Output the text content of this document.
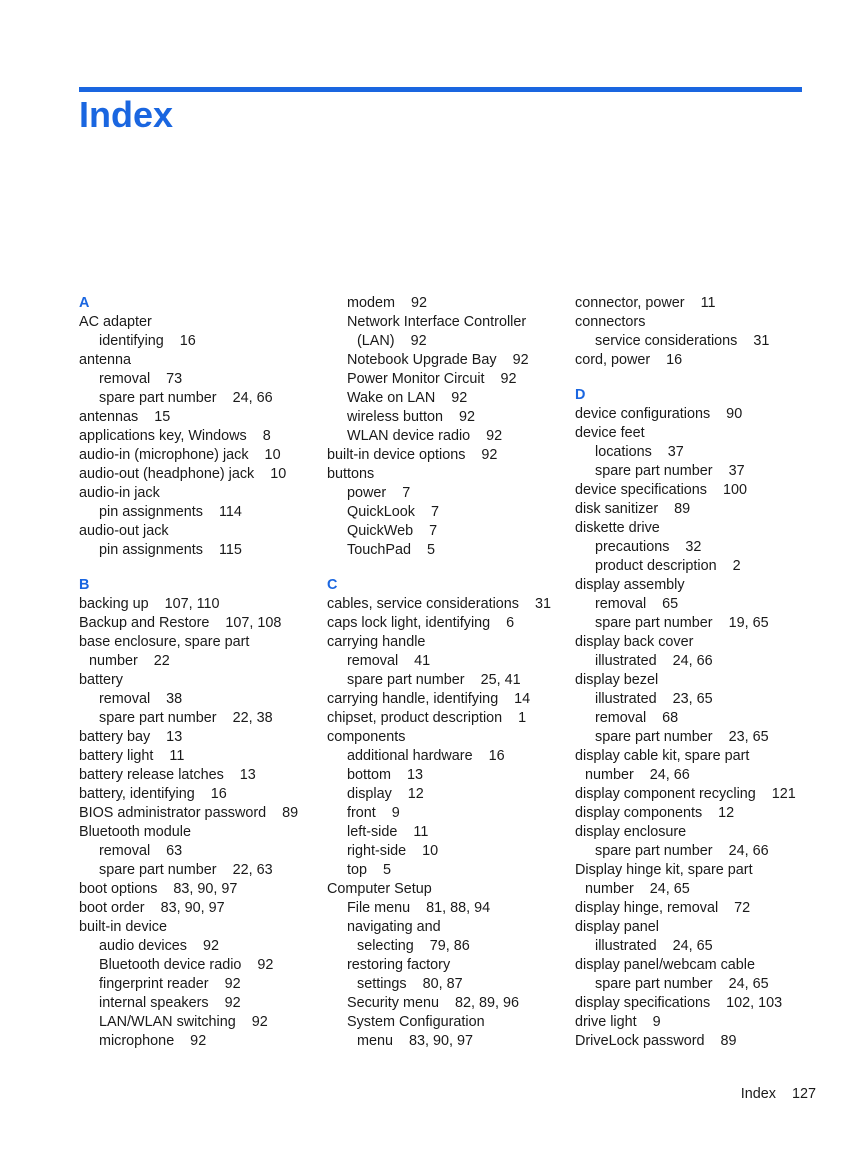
Index
A
AC adapter
identifying    16
antenna
removal    73
spare part number    24, 66
antennas    15
applications key, Windows    8
audio-in (microphone) jack    10
audio-out (headphone) jack    10
audio-in jack
pin assignments    114
audio-out jack
pin assignments    115
B
backing up    107, 110
Backup and Restore    107, 108
base enclosure, spare part
number    22
battery
removal    38
spare part number    22, 38
battery bay    13
battery light    11
battery release latches    13
battery, identifying    16
BIOS administrator password    89
Bluetooth module
removal    63
spare part number    22, 63
boot options    83, 90, 97
boot order    83, 90, 97
built-in device
audio devices    92
Bluetooth device radio    92
fingerprint reader    92
internal speakers    92
LAN/WLAN switching    92
microphone    92
modem    92
Network Interface Controller
(LAN)    92
Notebook Upgrade Bay    92
Power Monitor Circuit    92
Wake on LAN    92
wireless button    92
WLAN device radio    92
built-in device options    92
buttons
power    7
QuickLook    7
QuickWeb    7
TouchPad    5
C
cables, service considerations    31
caps lock light, identifying    6
carrying handle
removal    41
spare part number    25, 41
carrying handle, identifying    14
chipset, product description    1
components
additional hardware    16
bottom    13
display    12
front    9
left-side    11
right-side    10
top    5
Computer Setup
File menu    81, 88, 94
navigating and
selecting    79, 86
restoring factory
settings    80, 87
Security menu    82, 89, 96
System Configuration
menu    83, 90, 97
connector, power    11
connectors
service considerations    31
cord, power    16
D
device configurations    90
device feet
locations    37
spare part number    37
device specifications    100
disk sanitizer    89
diskette drive
precautions    32
product description    2
display assembly
removal    65
spare part number    19, 65
display back cover
illustrated    24, 66
display bezel
illustrated    23, 65
removal    68
spare part number    23, 65
display cable kit, spare part
number    24, 66
display component recycling    121
display components    12
display enclosure
spare part number    24, 66
Display hinge kit, spare part
number    24, 65
display hinge, removal    72
display panel
illustrated    24, 65
display panel/webcam cable
spare part number    24, 65
display specifications    102, 103
drive light    9
DriveLock password    89
Index 127
